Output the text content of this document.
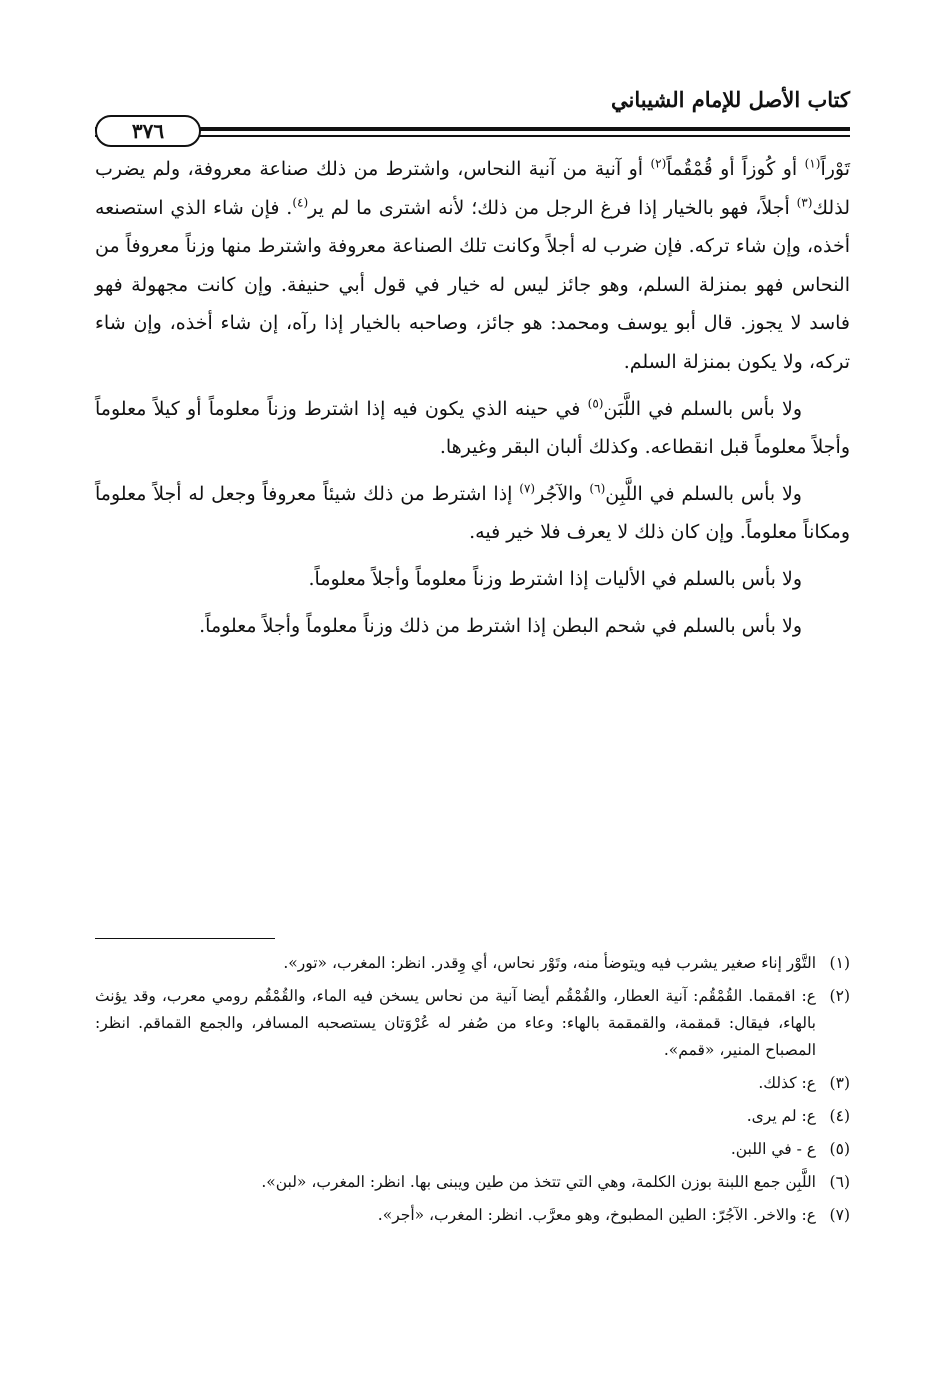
كتاب الأصل للإمام الشيباني
٣٧٦

تَوْراً$^{(١)}$ أو كُوزاً أو قُمْقُماً$^{(٢)}$ أو آنية من آنية النحاس، واشترط من ذلك صناعة معروفة، ولم يضرب لذلك$^{(٣)}$ أجلاً، فهو بالخيار إذا فرغ الرجل من ذلك؛ لأنه اشترى ما لم ير$^{(٤)}$. فإن شاء الذي استصنعه أخذه، وإن شاء تركه. فإن ضرب له أجلاً وكانت تلك الصناعة معروفة واشترط منها وزناً معروفاً من النحاس فهو بمنزلة السلم، وهو جائز ليس له خيار في قول أبي حنيفة. وإن كانت مجهولة فهو فاسد لا يجوز. قال أبو يوسف ومحمد: هو جائز، وصاحبه بالخيار إذا رآه، إن شاء أخذه، وإن شاء تركه، ولا يكون بمنزلة السلم.

ولا بأس بالسلم في اللَّبَن$^{(٥)}$ في حينه الذي يكون فيه إذا اشترط وزناً معلوماً أو كيلاً معلوماً وأجلاً معلوماً قبل انقطاعه. وكذلك ألبان البقر وغيرها.

ولا بأس بالسلم في اللَّبِن$^{(٦)}$ والآجُر$^{(٧)}$ إذا اشترط من ذلك شيئاً معروفاً وجعل له أجلاً معلوماً ومكاناً معلوماً. وإن كان ذلك لا يعرف فلا خير فيه.

ولا بأس بالسلم في الأليات إذا اشترط وزناً معلوماً وأجلاً معلوماً.

ولا بأس بالسلم في شحم البطن إذا اشترط من ذلك وزناً معلوماً وأجلاً معلوماً.

(١)
التَّوْر إناء صغير يشرب فيه ويتوضأ منه، وتَوْر نحاس، أي وِقدر. انظر: المغرب، «تور».
(٢)
ع: اقمقما. القُمْقُم: آنية العطار، والقُمْقُم أيضا آنية من نحاس يسخن فيه الماء، والقُمْقُم رومي معرب، وقد يؤنث بالهاء، فيقال: قمقمة، والقمقمة بالهاء: وعاء من صُفر له عُرْوَتان يستصحبه المسافر، والجمع القماقم. انظر: المصباح المنير، «قمم».
(٣)
ع: كذلك.
(٤)
ع: لم يرى.
(٥)
ع - في اللبن.
(٦)
اللَّبِن جمع اللبنة بوزن الكلمة، وهي التي تتخذ من طين ويبنى بها. انظر: المغرب، «لبن».
(٧)
ع: والاخر. الآجُرّ: الطين المطبوخ، وهو معرَّب. انظر: المغرب، «أجر».
